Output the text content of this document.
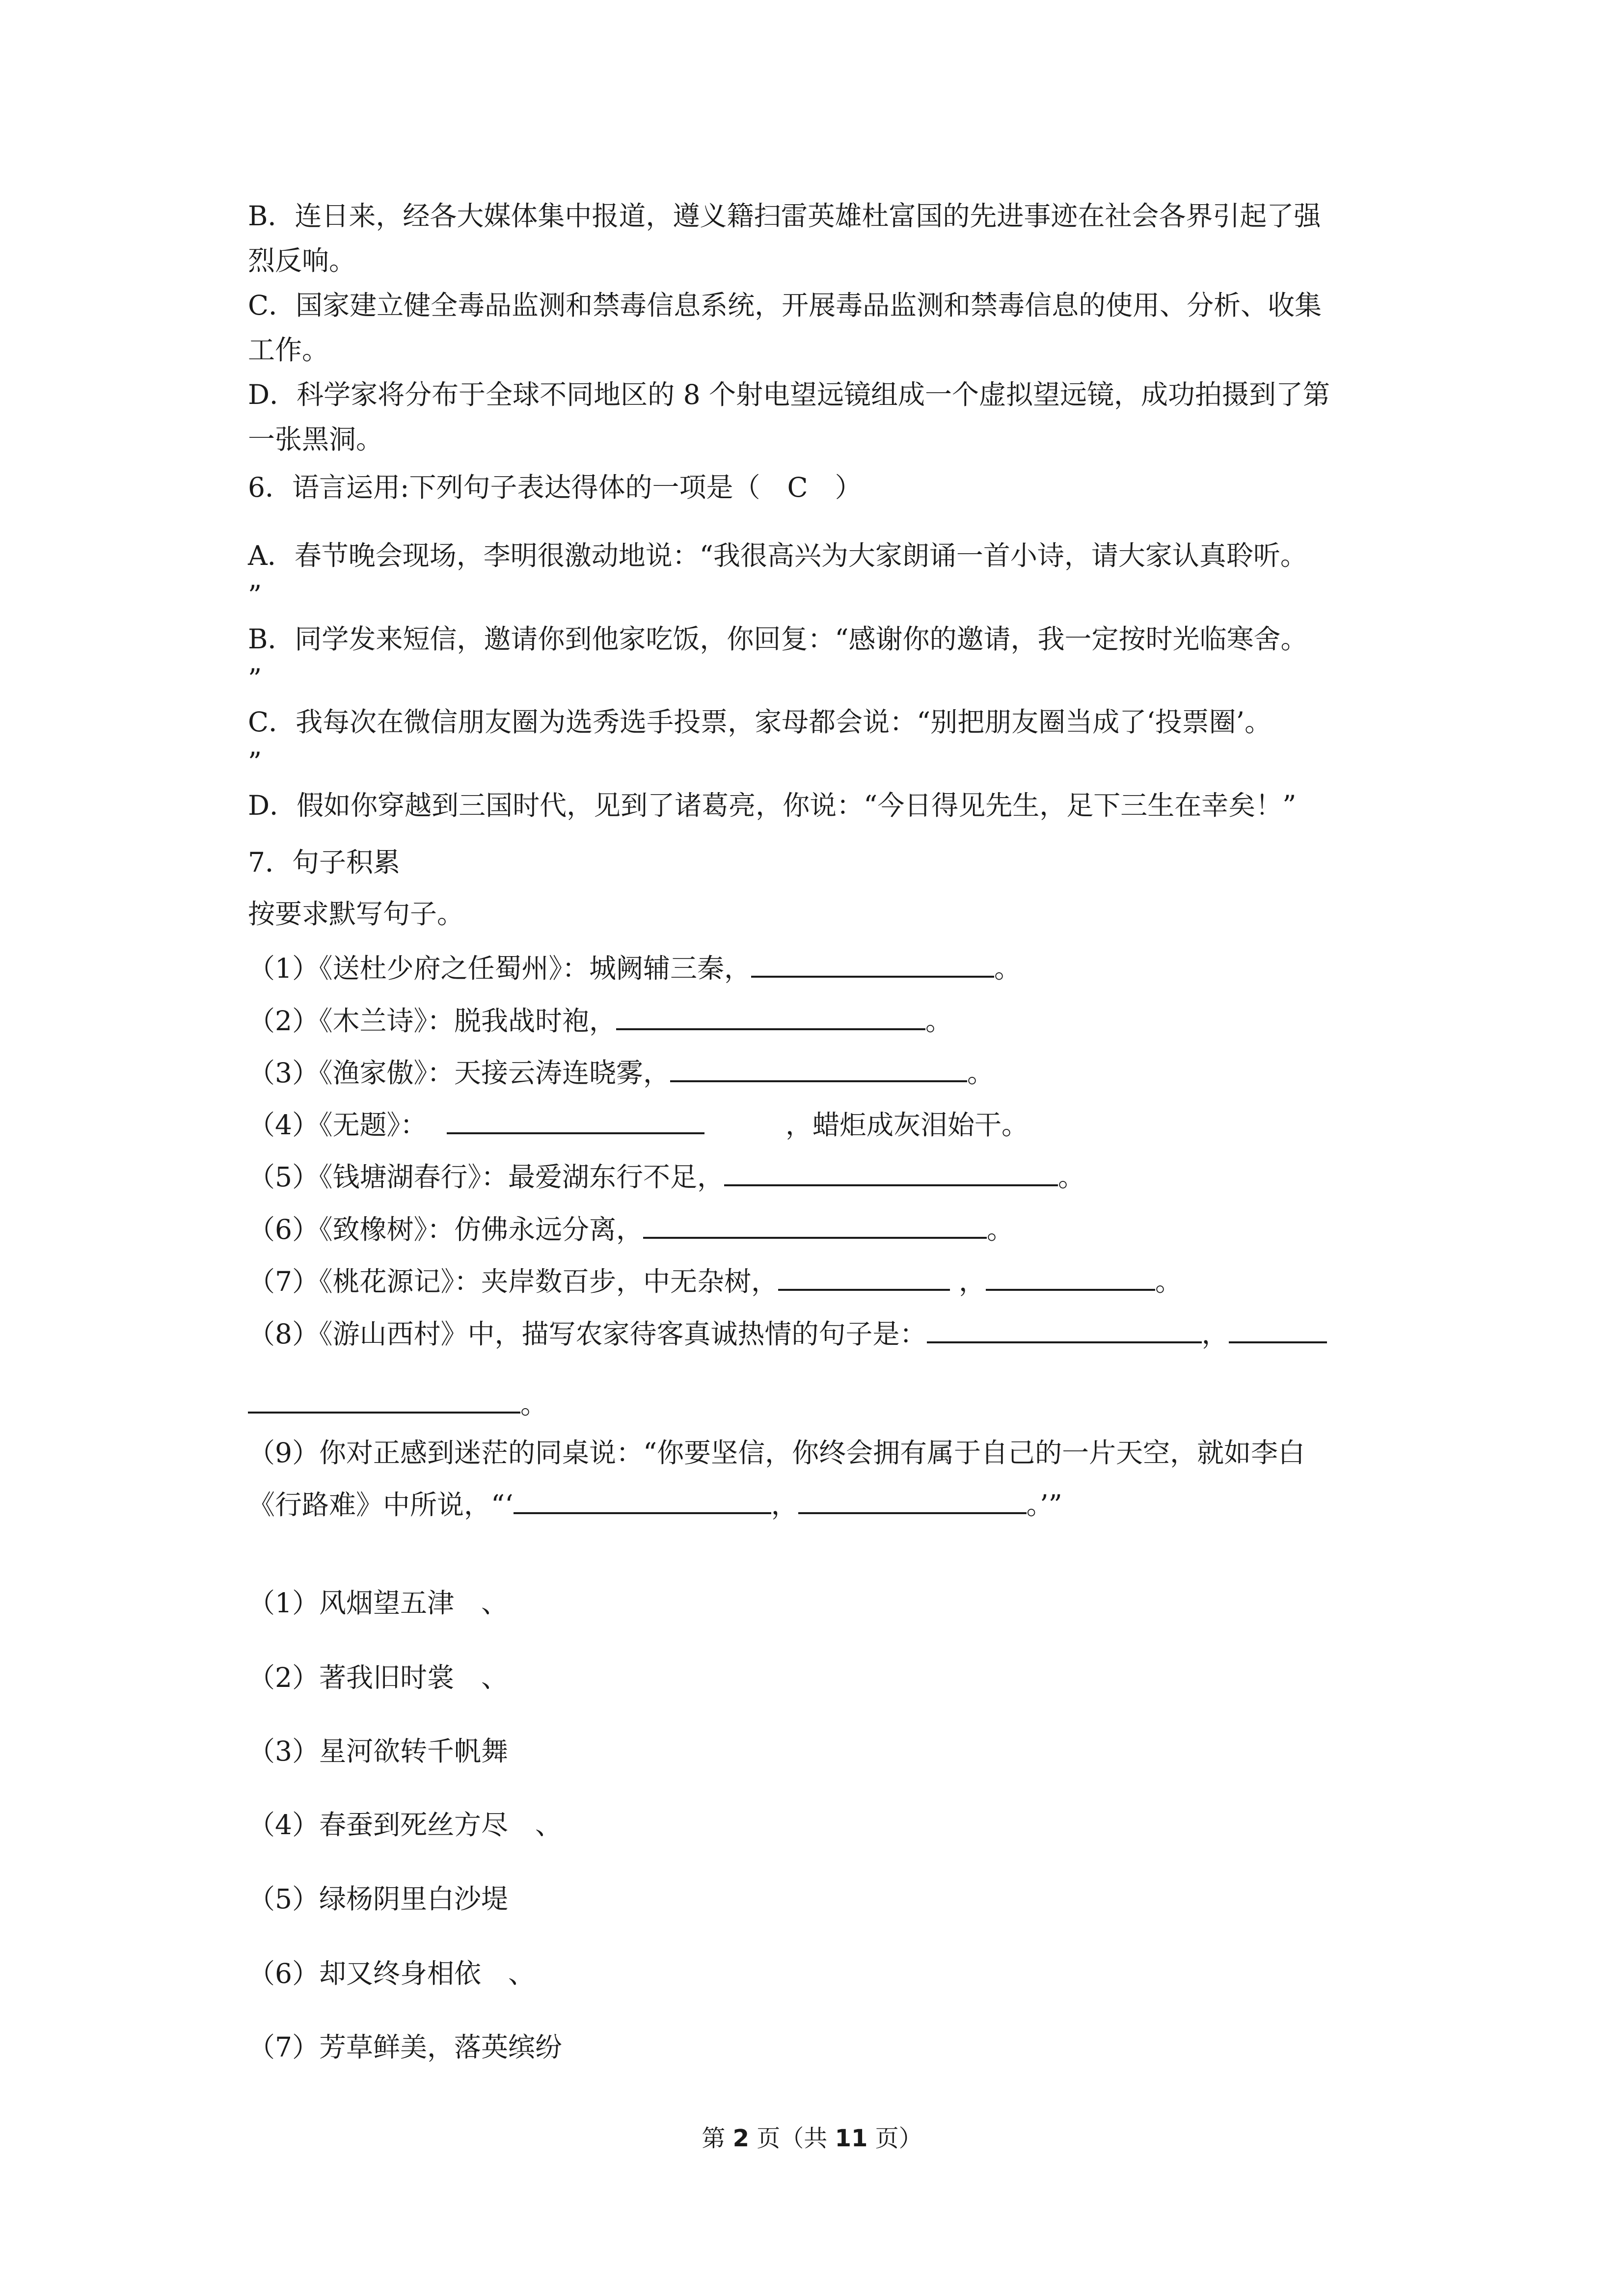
B．连日来，经各大媒体集中报道，遵义籍扫雷英雄杜富国的先进事迹在社会各界引起了强
烈反响。
C．国家建立健全毒品监测和禁毒信息系统，开展毒品监测和禁毒信息的使用、分析、收集
工作。
D．科学家将分布于全球不同地区的 8 个射电望远镜组成一个虚拟望远镜，成功拍摄到了第
一张黑洞。
6．语言运用:下列句子表达得体的一项是（　C　）
A．春节晚会现场，李明很激动地说：“我很高兴为大家朗诵一首小诗，请大家认真聆听。
”
B．同学发来短信，邀请你到他家吃饭，你回复：“感谢你的邀请，我一定按时光临寒舍。
”
C．我每次在微信朋友圈为选秀选手投票，家母都会说：“别把朋友圈当成了‘投票圈’。
”
D．假如你穿越到三国时代，见到了诸葛亮，你说：“今日得见先生，足下三生在幸矣！”
7．句子积累
按要求默写句子。
（1）《送杜少府之任蜀州》：城阙辅三秦，	。
（2）《木兰诗》：脱我战时袍，	。
（3）《渔家傲》：天接云涛连晓雾，	。
（4）《无题》：	，蜡炬成灰泪始干。
（5）《钱塘湖春行》：最爱湖东行不足，	。
（6）《致橡树》：仿佛永远分离，	。
（7）《桃花源记》：夹岸数百步，中无杂树，	，	。
（8）《游山西村》中，描写农家待客真诚热情的句子是：	，
。
（9）你对正感到迷茫的同桌说：“你要坚信，你终会拥有属于自己的一片天空，就如李白
《行路难》中所说，“‘	，	。’”
（1）风烟望五津　、
（2）著我旧时裳　、
（3）星河欲转千帆舞
（4）春蚕到死丝方尽　、
（5）绿杨阴里白沙堤
（6）却又终身相依　、
（7）芳草鲜美，落英缤纷
第 2 页（共 11 页）
